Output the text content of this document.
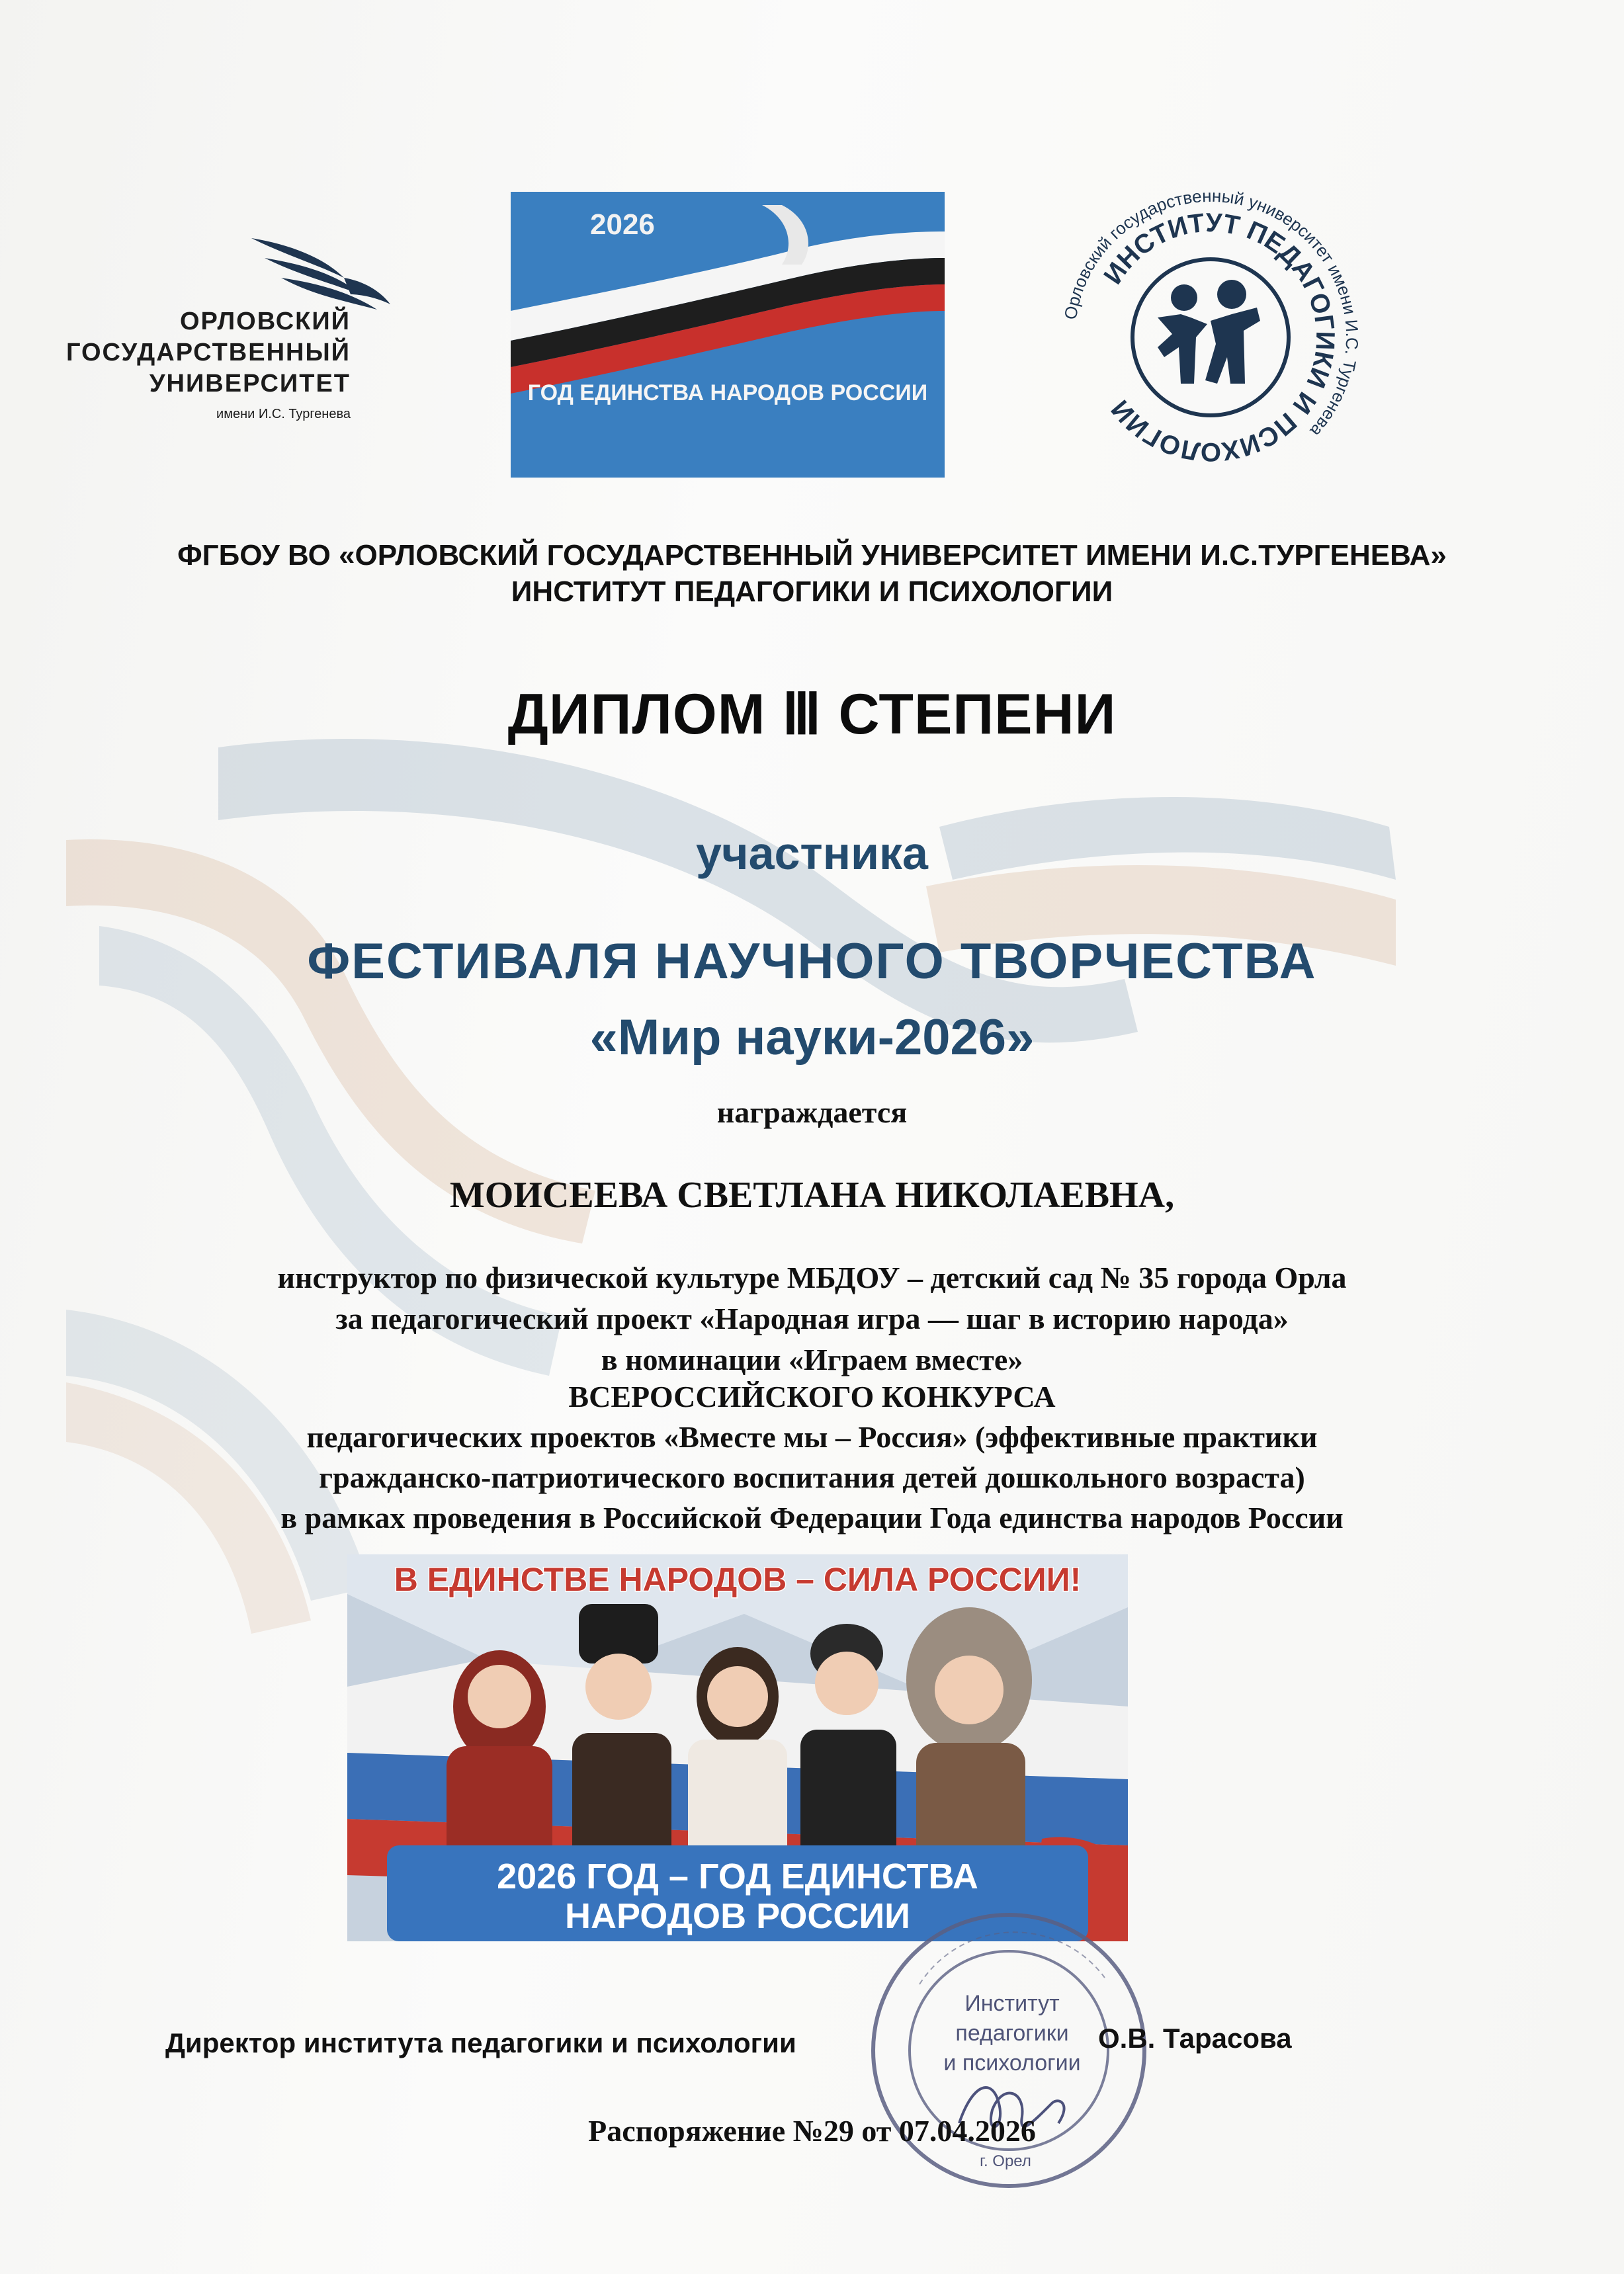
ОРЛОВСКИЙ
ГОСУДАРСТВЕННЫЙ
УНИВЕРСИТЕТ
имени И.С. Тургенева
2026
ГОД ЕДИНСТВА НАРОДОВ РОССИИ
Орловский государственный университет имени И.С. Тургенева
ИНСТИТУТ ПЕДАГОГИКИ И ПСИХОЛОГИИ
ФГБОУ ВО «ОРЛОВСКИЙ ГОСУДАРСТВЕННЫЙ УНИВЕРСИТЕТ ИМЕНИ И.С.ТУРГЕНЕВА»
ИНСТИТУТ ПЕДАГОГИКИ И ПСИХОЛОГИИ
ДИПЛОМ Ⅲ СТЕПЕНИ
участника
ФЕСТИВАЛЯ НАУЧНОГО ТВОРЧЕСТВА
«Мир науки-2026»
награждается
МОИСЕЕВА СВЕТЛАНА НИКОЛАЕВНА,
инструктор по физической культуре МБДОУ – детский сад № 35 города Орла
за педагогический проект «Народная игра — шаг в историю народа»
в номинации «Играем вместе»
ВСЕРОССИЙСКОГО КОНКУРСА
педагогических проектов «Вместе мы – Россия» (эффективные практики
гражданско-патриотического воспитания детей дошкольного возраста)
в рамках проведения в Российской Федерации Года единства народов России
В ЕДИНСТВЕ НАРОДОВ – СИЛА РОССИИ!
2026 ГОД – ГОД ЕДИНСТВА
НАРОДОВ РОССИИ
Институт
педагогики
и психологии
г. Орел
Директор института педагогики и психологии	О.В. Тарасова
Распоряжение №29 от 07.04.2026
